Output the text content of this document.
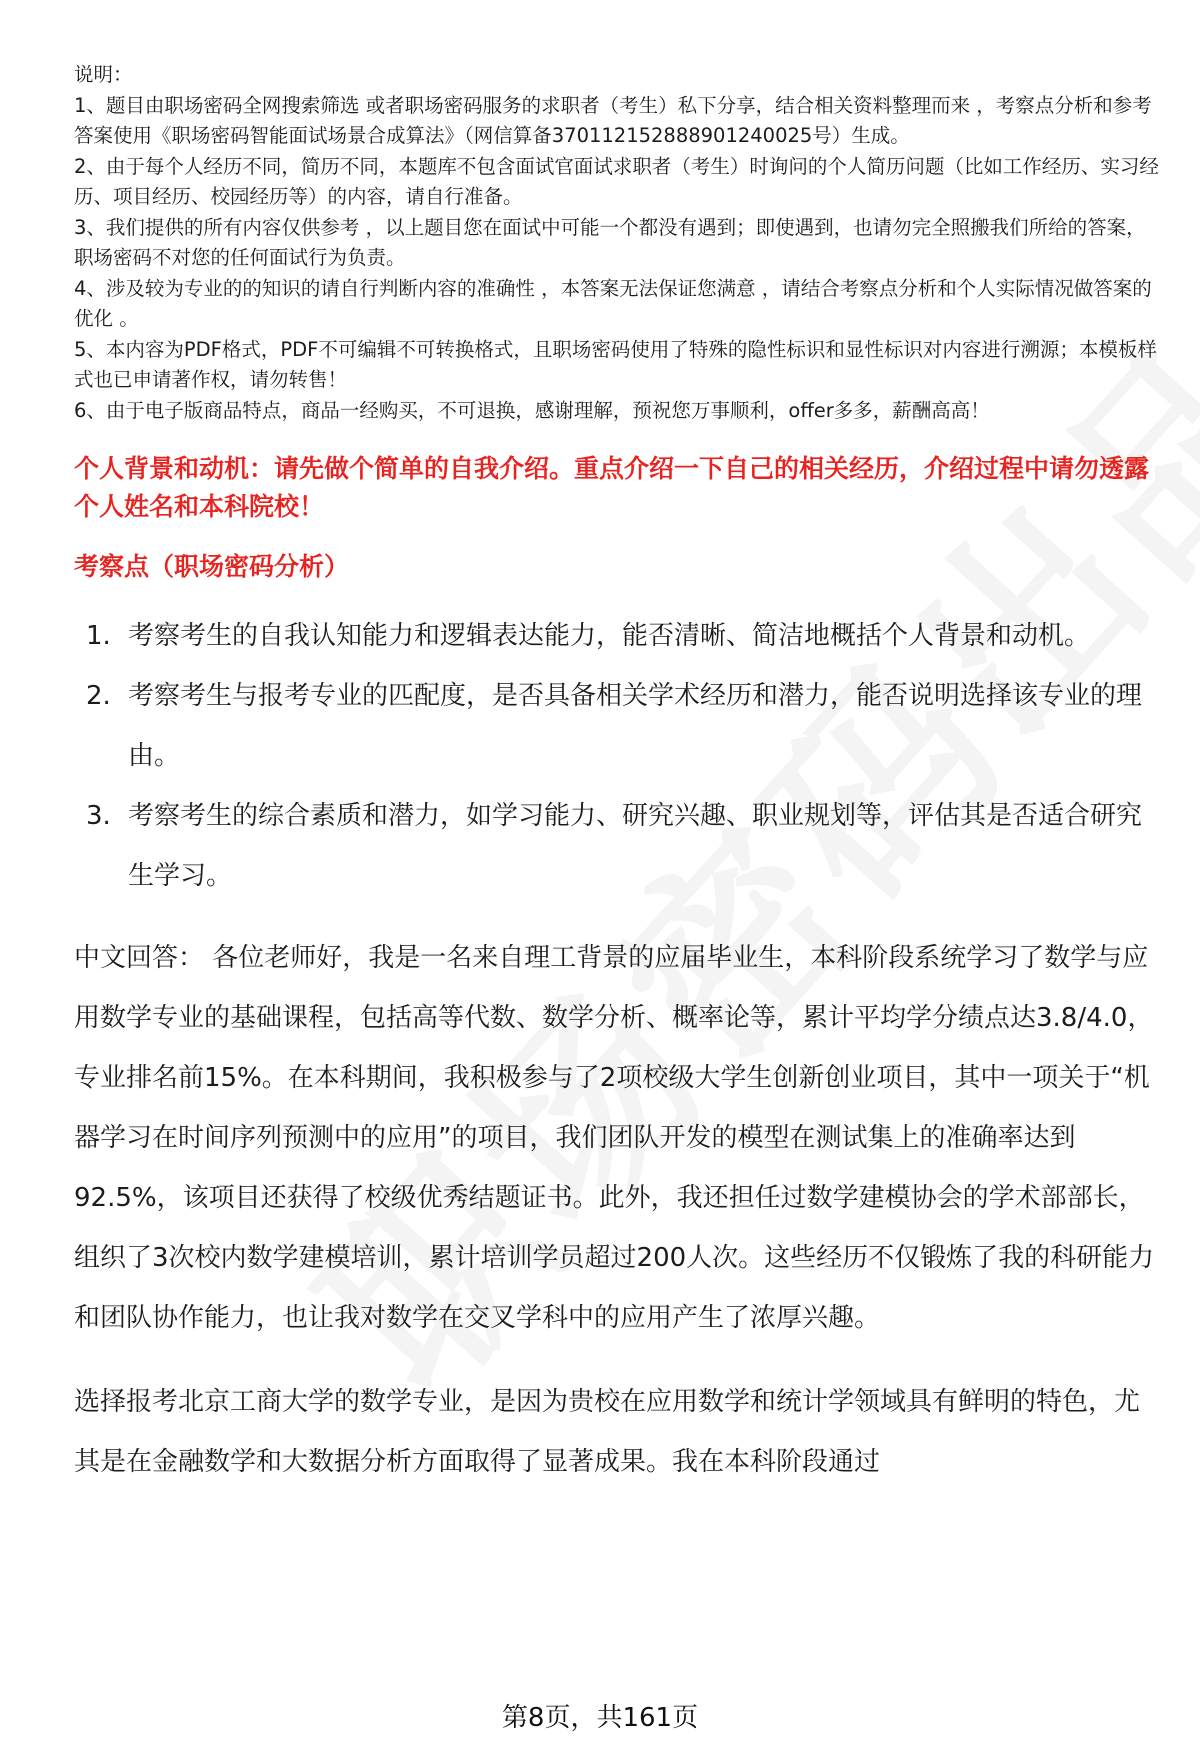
说明：

1、题目由职场密码全网搜索筛选 或者职场密码服务的求职者（考生）私下分享，结合相关资料整理而来 ，考察点分析和参考答案使用《职场密码智能面试场景合成算法》（网信算备370112152888901240025号）生成。

2、由于每个人经历不同，简历不同，本题库不包含面试官面试求职者（考生）时询问的个人简历问题（比如工作经历、实习经历、项目经历、校园经历等）的内容，请自行准备。

3、我们提供的所有内容仅供参考 ，以上题目您在面试中可能一个都没有遇到；即使遇到，也请勿完全照搬我们所给的答案，职场密码不对您的任何面试行为负责。

4、涉及较为专业的的知识的请自行判断内容的准确性 ，本答案无法保证您满意 ，请结合考察点分析和个人实际情况做答案的优化 。

5、本内容为PDF格式，PDF不可编辑不可转换格式，且职场密码使用了特殊的隐性标识和显性标识对内容进行溯源；本模板样式也已申请著作权，请勿转售！

6、由于电子版商品特点，商品一经购买，不可退换，感谢理解，预祝您万事顺利，offer多多，薪酬高高！

个人背景和动机：请先做个简单的自我介绍。重点介绍一下自己的相关经历，介绍过程中请勿透露个人姓名和本科院校！
考察点（职场密码分析）
1. 考察考生的自我认知能力和逻辑表达能力，能否清晰、简洁地概括个人背景和动机。
2. 考察考生与报考专业的匹配度，是否具备相关学术经历和潜力，能否说明选择该专业的理由。
3. 考察考生的综合素质和潜力，如学习能力、研究兴趣、职业规划等，评估其是否适合研究生学习。

中文回答： 各位老师好，我是一名来自理工背景的应届毕业生，本科阶段系统学习了数学与应用数学专业的基础课程，包括高等代数、数学分析、概率论等，累计平均学分绩点达3.8/4.0，专业排名前15%。在本科期间，我积极参与了2项校级大学生创新创业项目，其中一项关于“机器学习在时间序列预测中的应用”的项目，我们团队开发的模型在测试集上的准确率达到92.5%，该项目还获得了校级优秀结题证书。此外，我还担任过数学建模协会的学术部部长，组织了3次校内数学建模培训，累计培训学员超过200人次。这些经历不仅锻炼了我的科研能力和团队协作能力，也让我对数学在交叉学科中的应用产生了浓厚兴趣。

选择报考北京工商大学的数学专业，是因为贵校在应用数学和统计学领域具有鲜明的特色，尤其是在金融数学和大数据分析方面取得了显著成果。我在本科阶段通过

第8页，共161页
